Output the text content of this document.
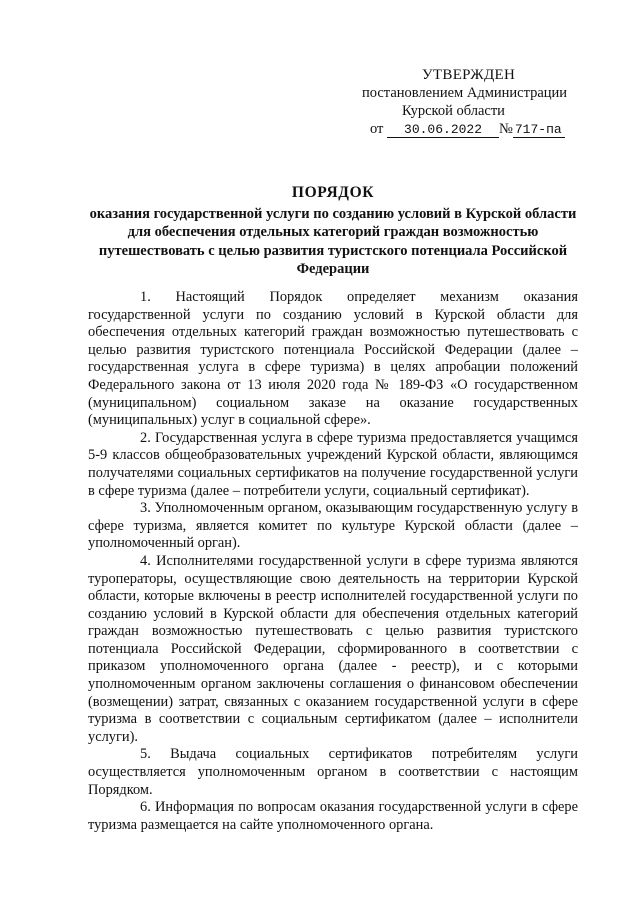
УТВЕРЖДЕН
постановлением Администрации
Курской области
от 30.06.2022 № 717-па
ПОРЯДОК
оказания государственной услуги по созданию условий в Курской области для обеспечения отдельных категорий граждан возможностью путешествовать с целью развития туристского потенциала Российской Федерации

1. Настоящий Порядок определяет механизм оказания государственной услуги по созданию условий в Курской области для обеспечения отдельных категорий граждан возможностью путешествовать с целью развития туристского потенциала Российской Федерации (далее – государственная услуга в сфере туризма) в целях апробации положений Федерального закона от 13 июля 2020 года № 189-ФЗ «О государственном (муниципальном) социальном заказе на оказание государственных (муниципальных) услуг в социальной сфере».

2. Государственная услуга в сфере туризма предоставляется учащимся 5-9 классов общеобразовательных учреждений Курской области, являющимся получателями социальных сертификатов на получение государственной услуги в сфере туризма (далее – потребители услуги, социальный сертификат).

3. Уполномоченным органом, оказывающим государственную услугу в сфере туризма, является комитет по культуре Курской области (далее – уполномоченный орган).

4. Исполнителями государственной услуги в сфере туризма являются туроператоры, осуществляющие свою деятельность на территории Курской области, которые включены в реестр исполнителей государственной услуги по созданию условий в Курской области для обеспечения отдельных категорий граждан возможностью путешествовать с целью развития туристского потенциала Российской Федерации, сформированного в соответствии с приказом уполномоченного органа (далее - реестр), и с которыми уполномоченным органом заключены соглашения о финансовом обеспечении (возмещении) затрат, связанных с оказанием государственной услуги в сфере туризма в соответствии с социальным сертификатом (далее – исполнители услуги).

5. Выдача социальных сертификатов потребителям услуги осуществляется уполномоченным органом в соответствии с настоящим Порядком.

6. Информация по вопросам оказания государственной услуги в сфере туризма размещается на сайте уполномоченного органа.
